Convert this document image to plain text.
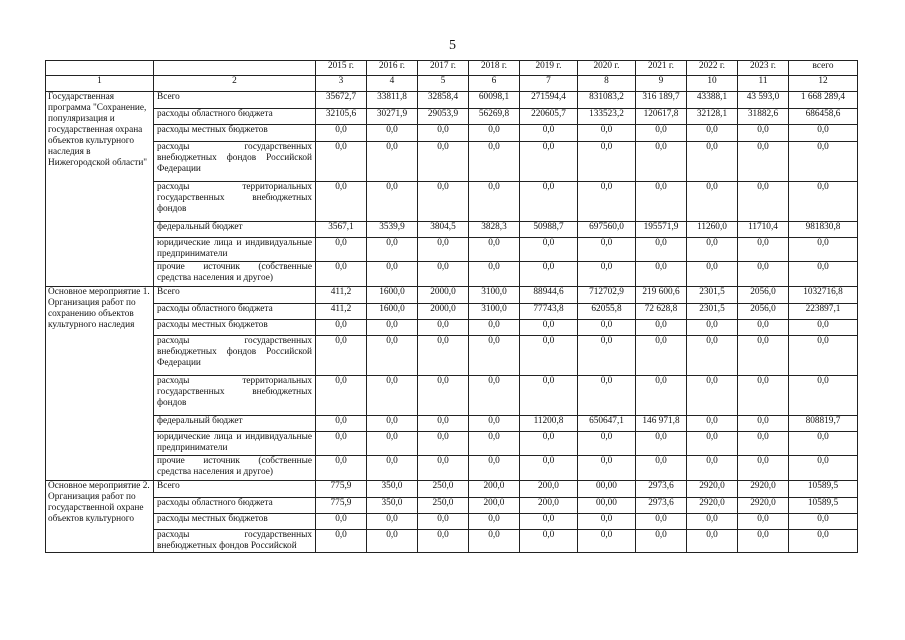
5
		2015 г.	2016 г.	2017 г.	2018 г.	2019 г.	2020 г.	2021 г.	2022 г.	2023 г.	всего
1	2	3	4	5	6	7	8	9	10	11	12
Государственная программа "Сохранение, популяризация и государственная охрана объектов культурного наследия в Нижегородской области"	Всего	35672,7	33811,8	32858,4	60098,1	271594,4	831083,2	316 189,7	43388,1	43 593,0	1 668 289,4
	расходы областного бюджета	32105,6	30271,9	29053,9	56269,8	220605,7	133523,2	120617,8	32128,1	31882,6	686458,6
	расходы местных бюджетов	0,0	0,0	0,0	0,0	0,0	0,0	0,0	0,0	0,0	0,0
	расходы государственных внебюджетных фондов Российской Федерации	0,0	0,0	0,0	0,0	0,0	0,0	0,0	0,0	0,0	0,0
	расходы территориальных государственных внебюджетных фондов	0,0	0,0	0,0	0,0	0,0	0,0	0,0	0,0	0,0	0,0
	федеральный бюджет	3567,1	3539,9	3804,5	3828,3	50988,7	697560,0	195571,9	11260,0	11710,4	981830,8
	юридические лица и индивидуальные предприниматели	0,0	0,0	0,0	0,0	0,0	0,0	0,0	0,0	0,0	0,0
	прочие источник (собственные средства населения и другое)	0,0	0,0	0,0	0,0	0,0	0,0	0,0	0,0	0,0	0,0
Основное мероприятие 1. Организация работ по сохранению объектов культурного наследия	Всего	411,2	1600,0	2000,0	3100,0	88944,6	712702,9	219 600,6	2301,5	2056,0	1032716,8
	расходы областного бюджета	411,2	1600,0	2000,0	3100,0	77743,8	62055,8	72 628,8	2301,5	2056,0	223897,1
	расходы местных бюджетов	0,0	0,0	0,0	0,0	0,0	0,0	0,0	0,0	0,0	0,0
	расходы государственных внебюджетных фондов Российской Федерации	0,0	0,0	0,0	0,0	0,0	0,0	0,0	0,0	0,0	0,0
	расходы территориальных государственных внебюджетных фондов	0,0	0,0	0,0	0,0	0,0	0,0	0,0	0,0	0,0	0,0
	федеральный бюджет	0,0	0,0	0,0	0,0	11200,8	650647,1	146 971,8	0,0	0,0	808819,7
	юридические лица и индивидуальные предприниматели	0,0	0,0	0,0	0,0	0,0	0,0	0,0	0,0	0,0	0,0
	прочие источник (собственные средства населения и другое)	0,0	0,0	0,0	0,0	0,0	0,0	0,0	0,0	0,0	0,0
Основное мероприятие 2. Организация работ по государственной охране объектов культурного	Всего	775,9	350,0	250,0	200,0	200,0	00,00	2973,6	2920,0	2920,0	10589,5
	расходы областного бюджета	775,9	350,0	250,0	200,0	200,0	00,00	2973,6	2920,0	2920,0	10589,5
	расходы местных бюджетов	0,0	0,0	0,0	0,0	0,0	0,0	0,0	0,0	0,0	0,0
	расходы государственных внебюджетных фондов Российской	0,0	0,0	0,0	0,0	0,0	0,0	0,0	0,0	0,0	0,0
